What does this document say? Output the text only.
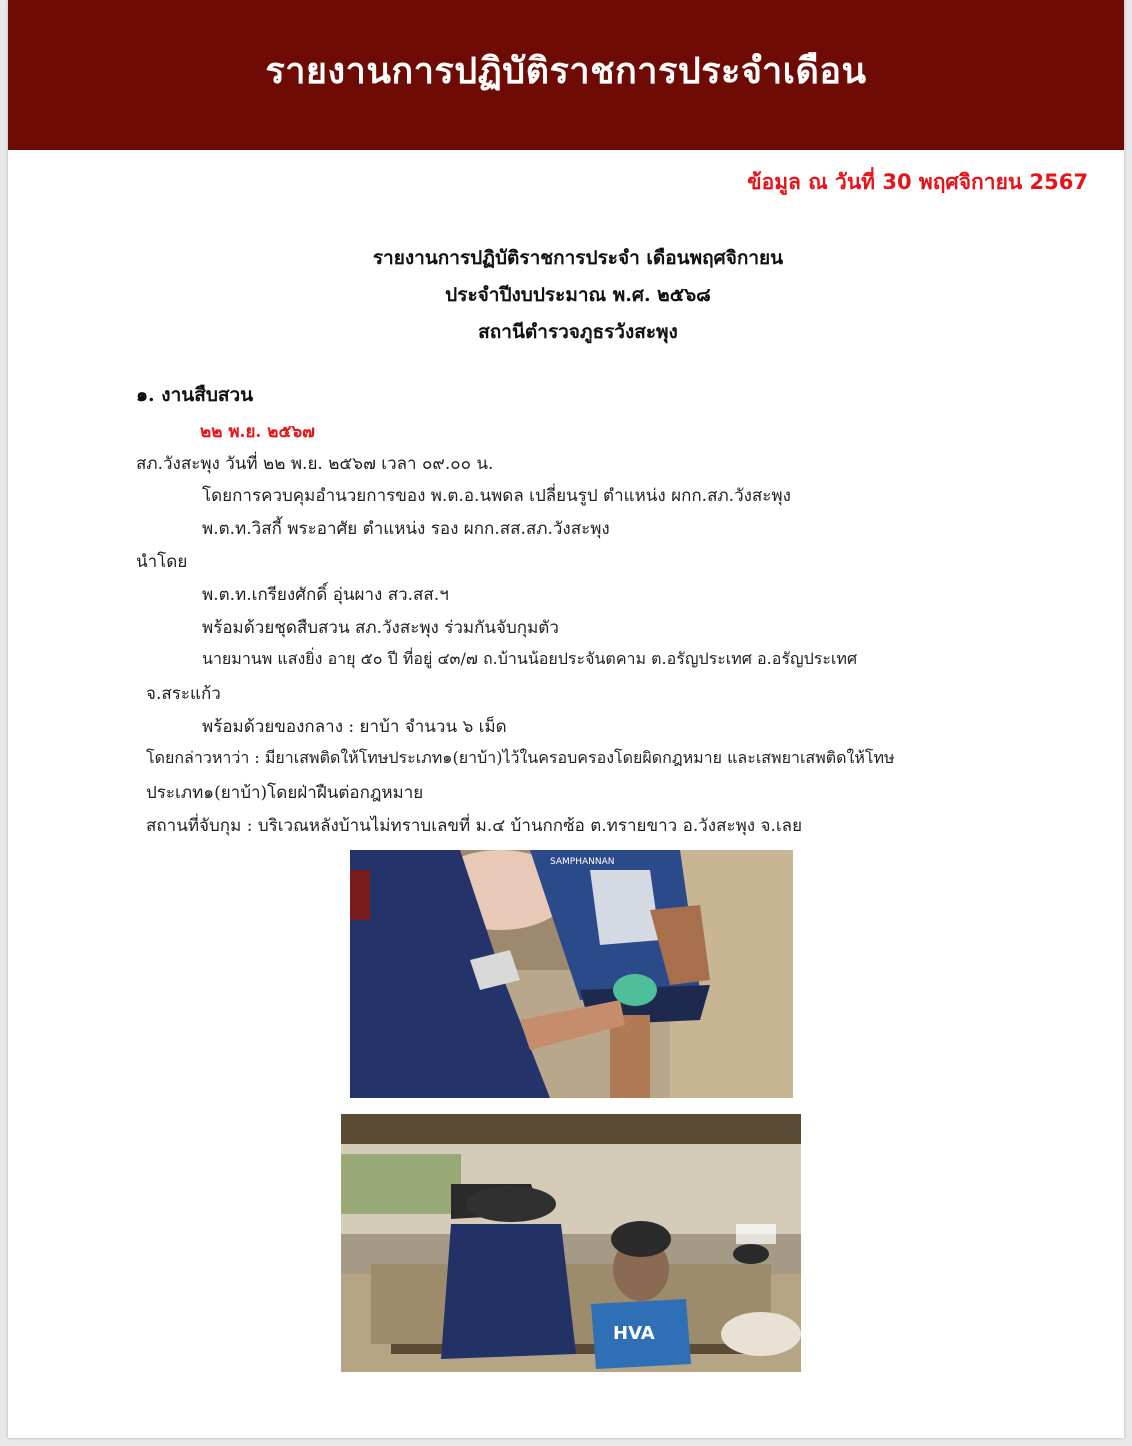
รายงานการปฏิบัติราชการประจำเดือน
ข้อมูล ณ วันที่ 30 พฤศจิกายน 2567
รายงานการปฏิบัติราชการประจำ เดือนพฤศจิกายน
ประจำปีงบประมาณ พ.ศ. ๒๕๖๘
สถานีตำรวจภูธรวังสะพุง
๑. งานสืบสวน
๒๒ พ.ย. ๒๕๖๗
สภ.วังสะพุง วันที่ ๒๒ พ.ย. ๒๕๖๗ เวลา ๐๙.๐๐ น.
โดยการควบคุมอำนวยการของ พ.ต.อ.นพดล เปลี่ยนรูป ตำแหน่ง ผกก.สภ.วังสะพุง
พ.ต.ท.วิสกี้ พระอาศัย ตำแหน่ง รอง ผกก.สส.สภ.วังสะพุง
นำโดย
พ.ต.ท.เกรียงศักดิ์ อุ่นผาง สว.สส.ฯ
พร้อมด้วยชุดสืบสวน สภ.วังสะพุง ร่วมกันจับกุมตัว
นายมานพ แสงยิ่ง อายุ ๕๐ ปี ที่อยู่ ๔๓/๗ ถ.บ้านน้อยประจันตคาม ต.อรัญประเทศ อ.อรัญประเทศ
จ.สระแก้ว
พร้อมด้วยของกลาง : ยาบ้า จำนวน ๖ เม็ด
โดยกล่าวหาว่า : มียาเสพติดให้โทษประเภท๑(ยาบ้า)ไว้ในครอบครองโดยผิดกฎหมาย และเสพยาเสพติดให้โทษ
ประเภท๑(ยาบ้า)โดยฝ่าฝืนต่อกฎหมาย
สถานที่จับกุม : บริเวณหลังบ้านไม่ทราบเลขที่ ม.๔ บ้านกกซ้อ ต.ทรายขาว อ.วังสะพุง จ.เลย
SAMPHANNAN
HVA
